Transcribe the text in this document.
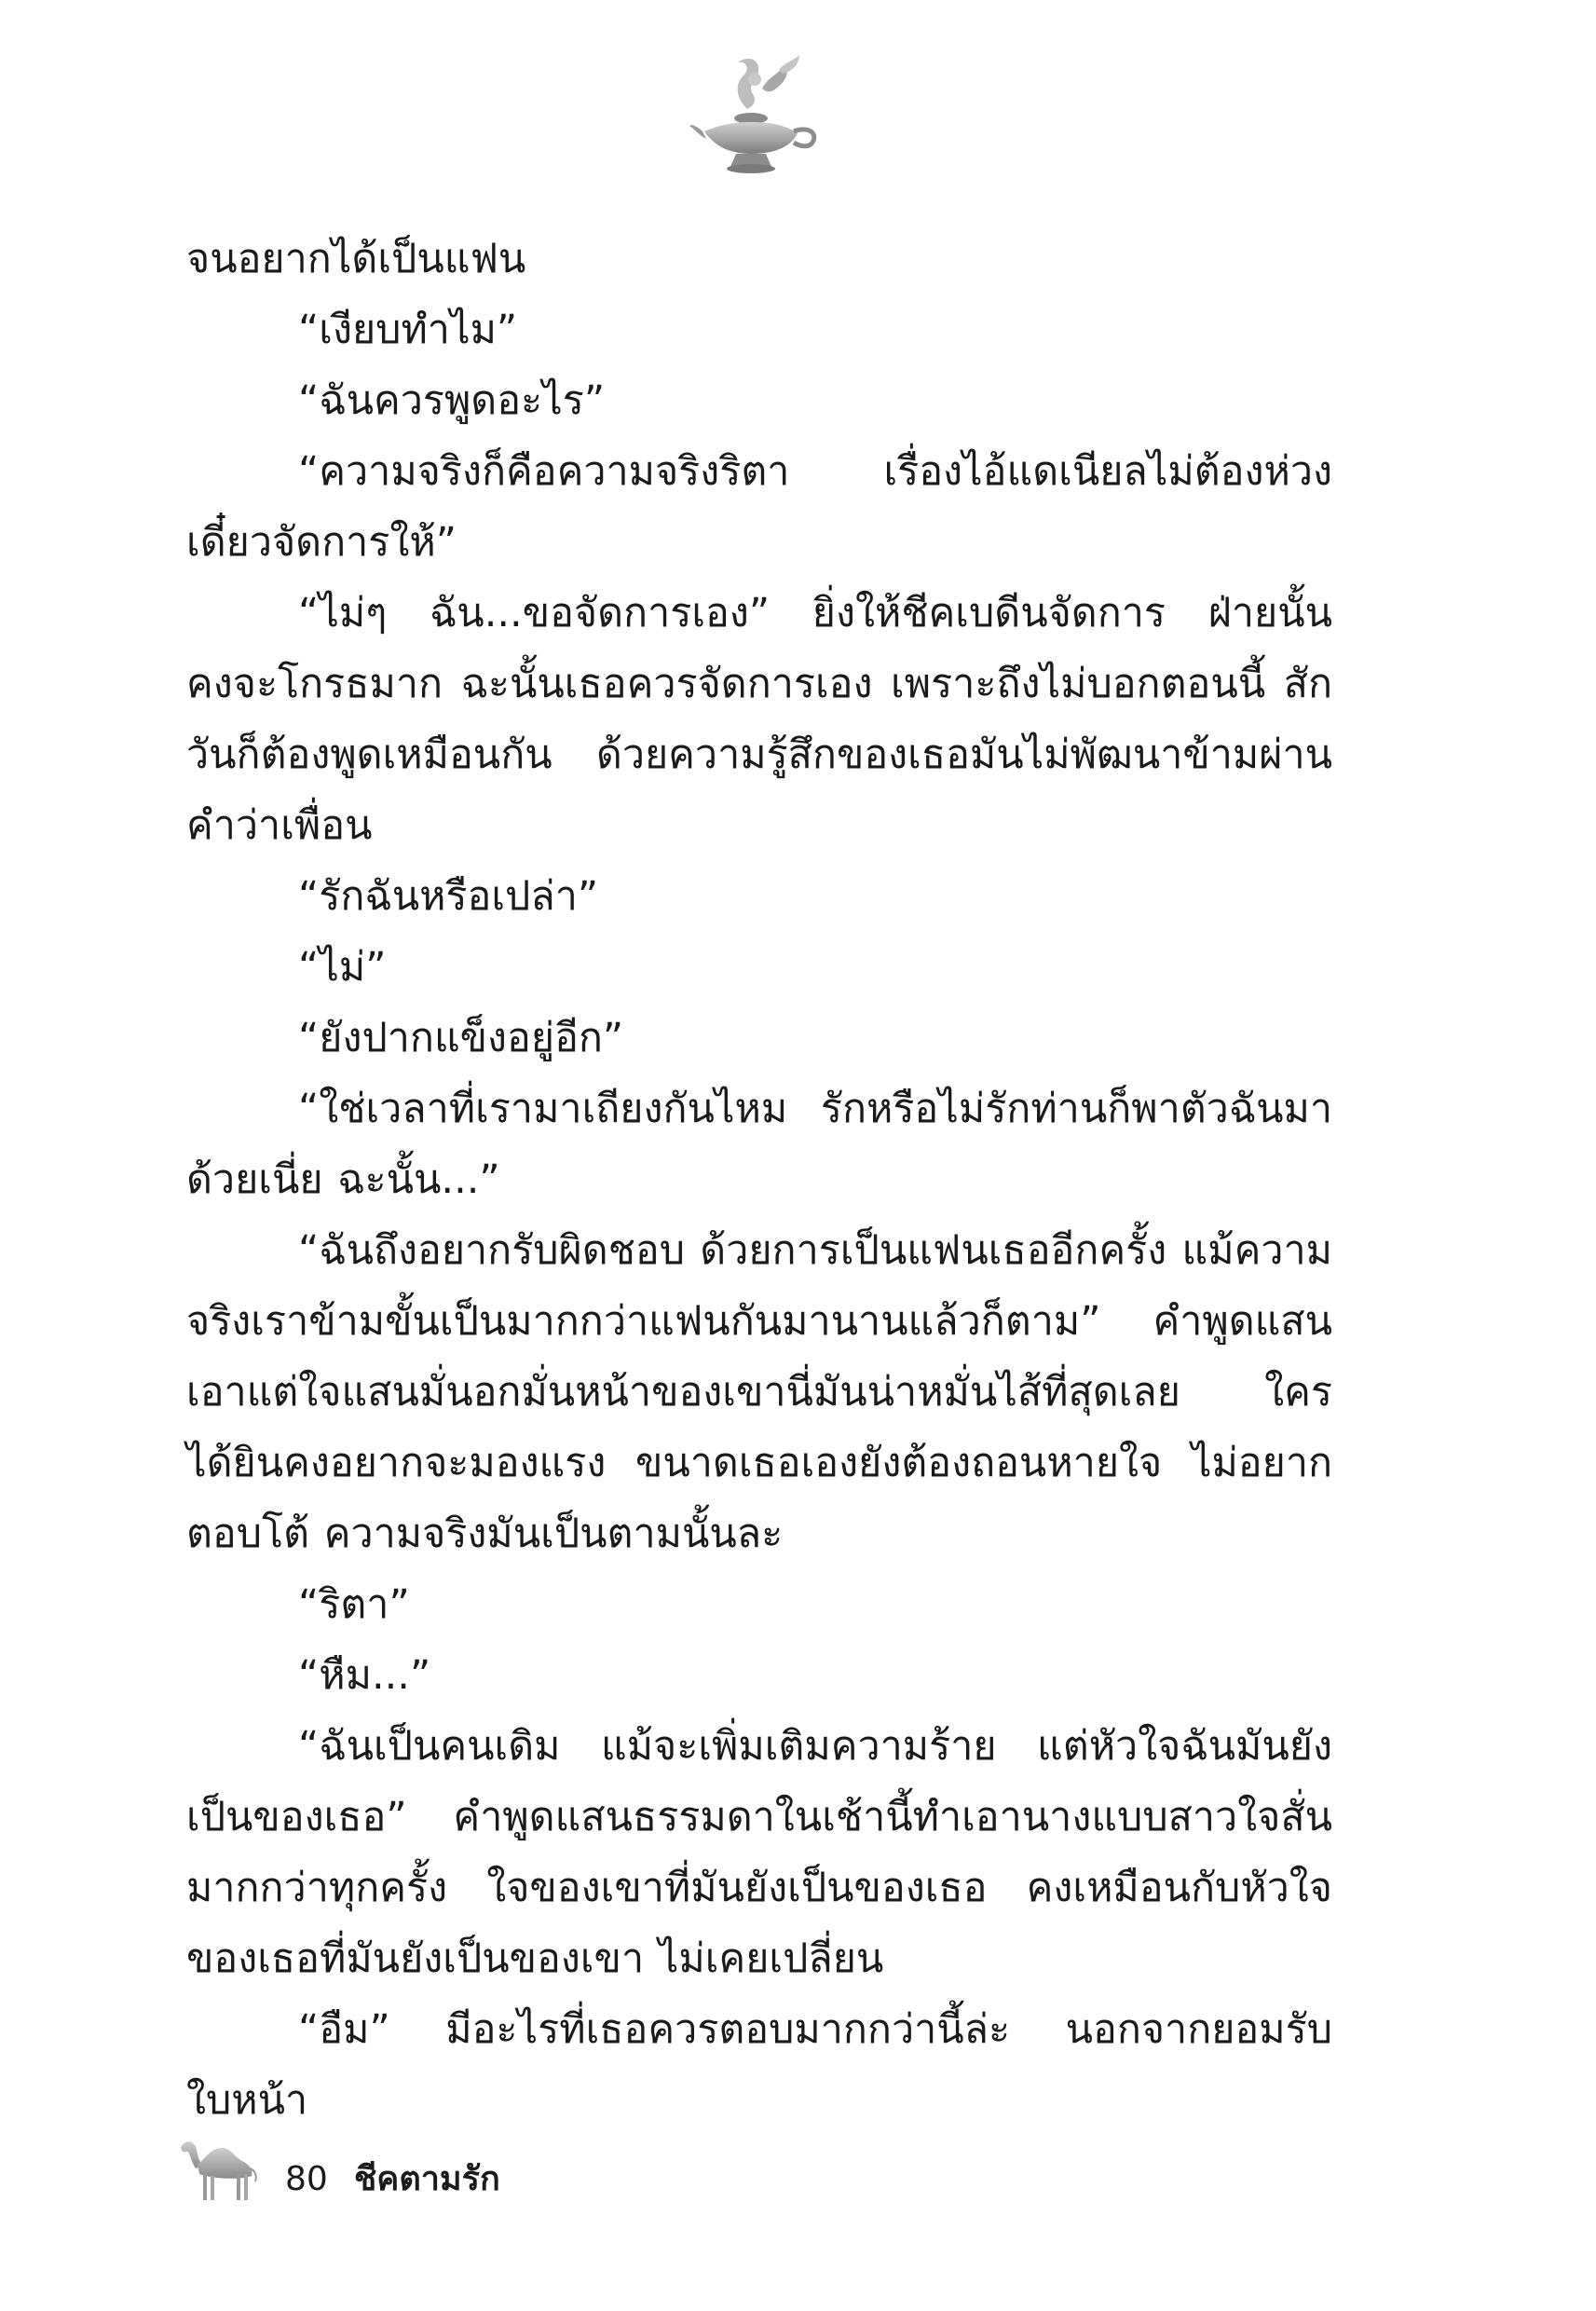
จนอยากได้เป็นแฟน

“เงียบทำไม”

“ฉันควรพูดอะไร”

“ความจริงก็คือความจริงริตา เรื่องไอ้แดเนียลไม่ต้องห่วง เดี๋ยวจัดการให้”

“ไม่ๆ ฉัน...ขอจัดการเอง” ยิ่งให้ชีคเบดีนจัดการ ฝ่ายนั้นคงจะโกรธมาก ฉะนั้นเธอควรจัดการเอง เพราะถึงไม่บอกตอนนี้ สักวันก็ต้องพูดเหมือนกัน ด้วยความรู้สึกของเธอมันไม่พัฒนาข้ามผ่านคำว่าเพื่อน

“รักฉันหรือเปล่า”

“ไม่”

“ยังปากแข็งอยู่อีก”

“ใช่เวลาที่เรามาเถียงกันไหม รักหรือไม่รักท่านก็พาตัวฉันมาด้วยเนี่ย ฉะนั้น...”

“ฉันถึงอยากรับผิดชอบ ด้วยการเป็นแฟนเธออีกครั้ง แม้ความจริงเราข้ามขั้นเป็นมากกว่าแฟนกันมานานแล้วก็ตาม” คำพูดแสนเอาแต่ใจแสนมั่นอกมั่นหน้าของเขานี่มันน่าหมั่นไส้ที่สุดเลย ใครได้ยินคงอยากจะมองแรง ขนาดเธอเองยังต้องถอนหายใจ ไม่อยากตอบโต้ ความจริงมันเป็นตามนั้นละ

“ริตา”

“หืม...”

“ฉันเป็นคนเดิม แม้จะเพิ่มเติมความร้าย แต่หัวใจฉันมันยังเป็นของเธอ” คำพูดแสนธรรมดาในเช้านี้ทำเอานางแบบสาวใจสั่นมากกว่าทุกครั้ง ใจของเขาที่มันยังเป็นของเธอ คงเหมือนกับหัวใจของเธอที่มันยังเป็นของเขา ไม่เคยเปลี่ยน

“อืม” มีอะไรที่เธอควรตอบมากกว่านี้ล่ะ นอกจากยอมรับ ใบหน้า

80 ชีคตามรัก
